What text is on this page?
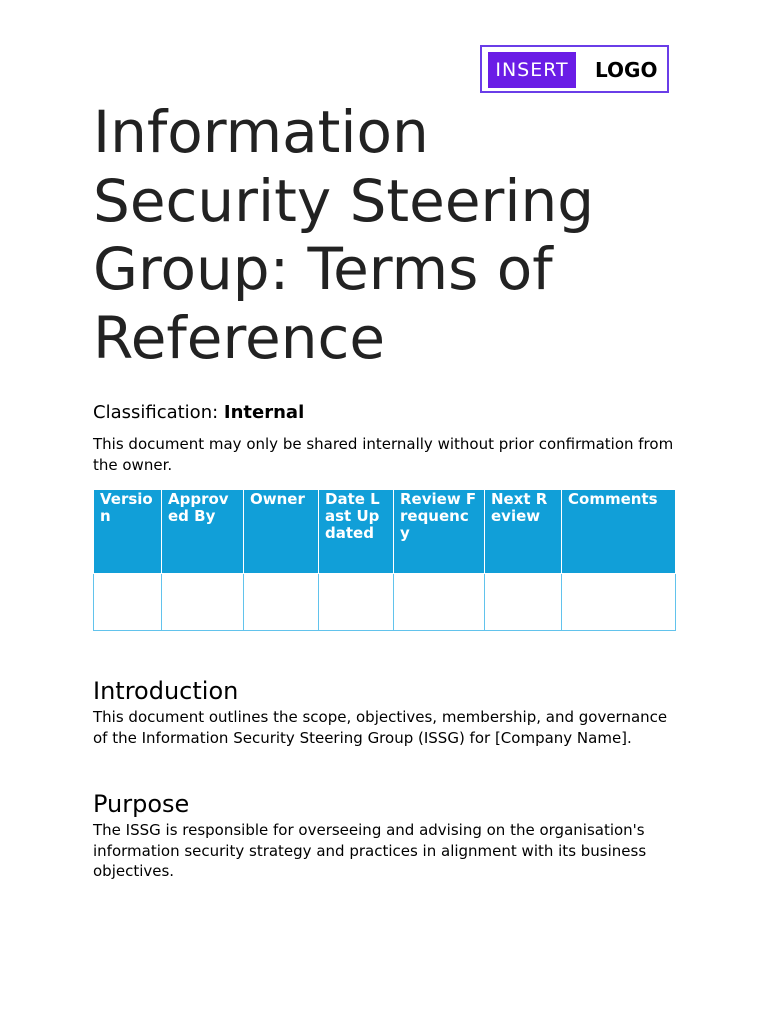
INSERT	LOGO
Information Security Steering Group: Terms of Reference

Classification: Internal

This document may only be shared internally without prior confirmation from the owner.

Version	Approved By	Owner	Date Last Updated	Review Frequency	Next Review	Comments

Introduction

This document outlines the scope, objectives, membership, and governance of the Information Security Steering Group (ISSG) for [Company Name].

Purpose

The ISSG is responsible for overseeing and advising on the organisation's information security strategy and practices in alignment with its business objectives.
